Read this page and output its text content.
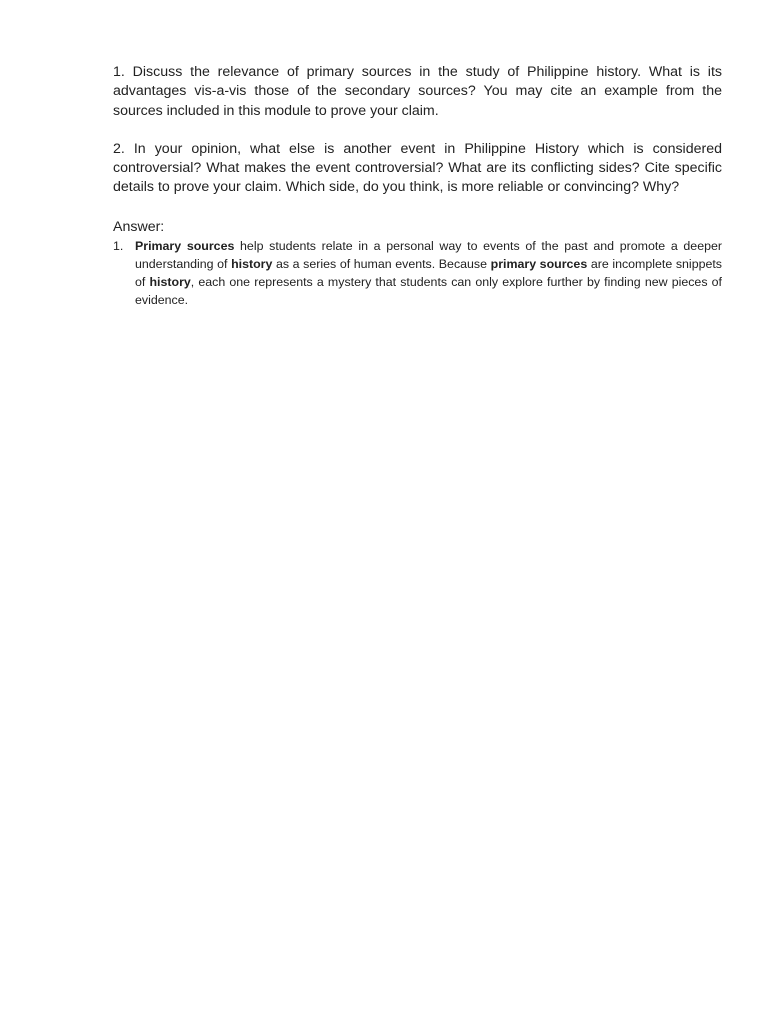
1. Discuss the relevance of primary sources in the study of Philippine history. What is its advantages vis-a-vis those of the secondary sources? You may cite an example from the sources included in this module to prove your claim.

2. In your opinion, what else is another event in Philippine History which is considered controversial? What makes the event controversial? What are its conflicting sides? Cite specific details to prove your claim. Which side, do you think, is more reliable or convincing? Why?

Answer:

1. Primary sources help students relate in a personal way to events of the past and promote a deeper understanding of history as a series of human events. Because primary sources are incomplete snippets of history, each one represents a mystery that students can only explore further by finding new pieces of evidence.
